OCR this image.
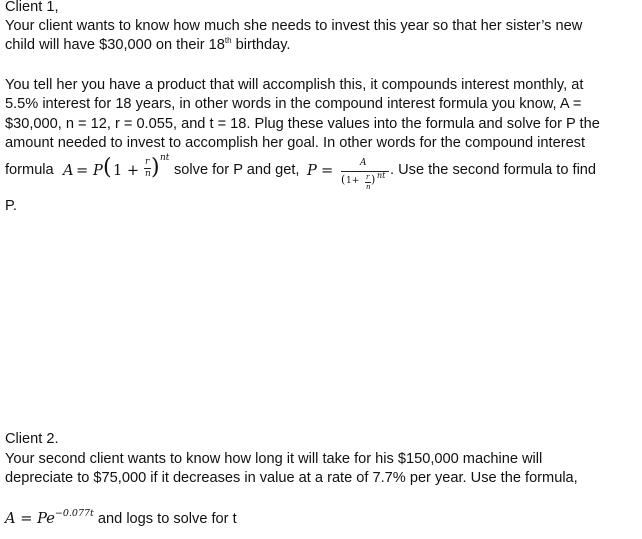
Client 1,
Your client wants to know how much she needs to invest this year so that her sister’s new
child will have $30,000 on their 18th birthday.
You tell her you have a product that will accomplish this, it compounds interest monthly, at
5.5% interest for 18 years, in other words in the compound interest formula you know, A =
$30,000, n = 12, r = 0.055, and t = 18. Plug these values into the formula and solve for P the
amount needed to invest to accomplish her goal. In other words for the compound interest
formula A = P ( 1 + r
n ) nt
solve for P and get, P =	A
( 1+ r
n
) nt . Use the second formula to find
P.
Client 2.
Your second client wants to know how long it will take for his $150,000 machine will
depreciate to $75,000 if it decreases in value at a rate of 7.7% per year. Use the formula,
$A = Pe^{-0.077t}$ and logs to solve for t
